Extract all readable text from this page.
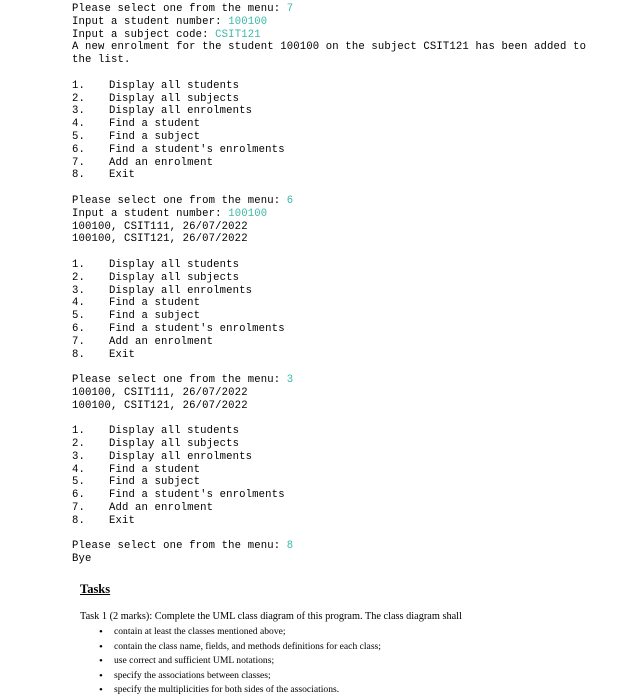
Please select one from the menu: 7
Input a student number: 100100
Input a subject code: CSIT121
A new enrolment for the student 100100 on the subject CSIT121 has been added to the list.
1. Display all students
2. Display all subjects
3. Display all enrolments
4. Find a student
5. Find a subject
6. Find a student's enrolments
7. Add an enrolment
8. Exit
Please select one from the menu: 6
Input a student number: 100100
100100, CSIT111, 26/07/2022
100100, CSIT121, 26/07/2022
1. Display all students
2. Display all subjects
3. Display all enrolments
4. Find a student
5. Find a subject
6. Find a student's enrolments
7. Add an enrolment
8. Exit
Please select one from the menu: 3
100100, CSIT111, 26/07/2022
100100, CSIT121, 26/07/2022
1. Display all students
2. Display all subjects
3. Display all enrolments
4. Find a student
5. Find a subject
6. Find a student's enrolments
7. Add an enrolment
8. Exit
Please select one from the menu: 8
Bye
Tasks
Task 1 (2 marks): Complete the UML class diagram of this program. The class diagram shall
• contain at least the classes mentioned above;
• contain the class name, fields, and methods definitions for each class;
• use correct and sufficient UML notations;
• specify the associations between classes;
• specify the multiplicities for both sides of the associations.
